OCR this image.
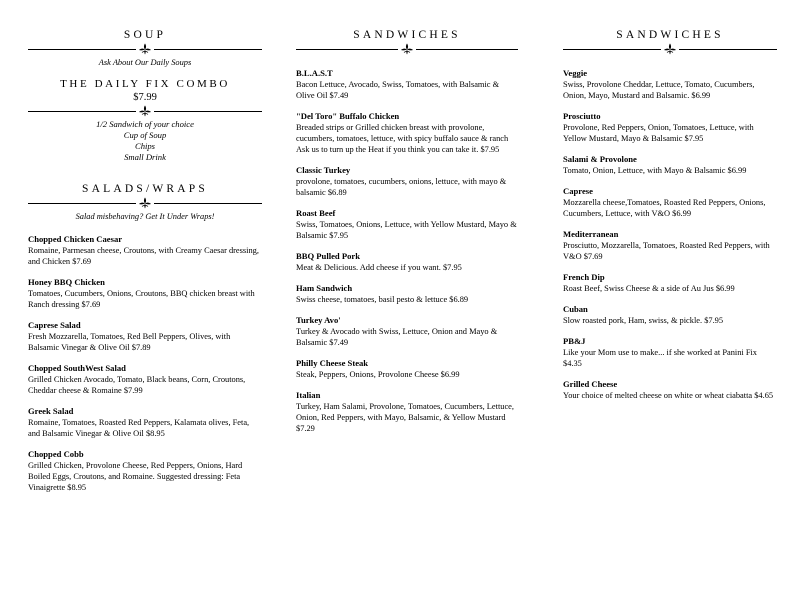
SOUP
Ask About Our Daily Soups
THE DAILY FIX COMBO
$7.99
1/2 Sandwich of your choice
Cup of Soup
Chips
Small Drink
SALADS/WRAPS
Salad misbehaving? Get It Under Wraps!
Chopped Chicken Caesar
Romaine, Parmesan cheese, Croutons, with Creamy Caesar dressing, and Chicken $7.69
Honey BBQ Chicken
Tomatoes, Cucumbers, Onions, Croutons, BBQ chicken breast with Ranch dressing $7.69
Caprese Salad
Fresh Mozzarella, Tomatoes, Red Bell Peppers, Olives, with Balsamic Vinegar & Olive Oil $7.89
Chopped SouthWest Salad
Grilled Chicken Avocado, Tomato, Black beans, Corn, Croutons, Cheddar cheese & Romaine $7.99
Greek Salad
Romaine, Tomatoes, Roasted Red Peppers, Kalamata olives, Feta, and Balsamic Vinegar & Olive Oil $8.95
Chopped Cobb
Grilled Chicken, Provolone Cheese, Red Peppers, Onions, Hard Boiled Eggs, Croutons, and Romaine. Suggested dressing: Feta Vinaigrette $8.95
SANDWICHES
B.L.A.S.T
Bacon Lettuce, Avocado, Swiss, Tomatoes, with Balsamic & Olive Oil $7.49
"Del Toro" Buffalo Chicken
Breaded strips or Grilled chicken breast with provolone, cucumbers, tomatoes, lettuce, with spicy buffalo sauce & ranch
Ask us to turn up the Heat if you think you can take it. $7.95
Classic Turkey
provolone, tomatoes, cucumbers, onions, lettuce, with mayo & balsamic $6.89
Roast Beef
Swiss, Tomatoes, Onions, Lettuce, with Yellow Mustard, Mayo & Balsamic $7.95
BBQ Pulled Pork
Meat & Delicious. Add cheese if you want. $7.95
Ham Sandwich
Swiss cheese, tomatoes, basil pesto & lettuce $6.89
Turkey Avo'
Turkey & Avocado with Swiss, Lettuce, Onion and Mayo & Balsamic $7.49
Philly Cheese Steak
Steak, Peppers, Onions, Provolone Cheese $6.99
Italian
Turkey, Ham Salami, Provolone, Tomatoes, Cucumbers, Lettuce, Onion, Red Peppers, with Mayo, Balsamic, & Yellow Mustard $7.29
SANDWICHES
Veggie
Swiss, Provolone Cheddar, Lettuce, Tomato, Cucumbers, Onion, Mayo, Mustard and Balsamic. $6.99
Prosciutto
Provolone, Red Peppers, Onion, Tomatoes, Lettuce, with Yellow Mustard, Mayo & Balsamic $7.95
Salami & Provolone
Tomato, Onion, Lettuce, with Mayo & Balsamic $6.99
Caprese
Mozzarella cheese,Tomatoes, Roasted Red Peppers, Onions, Cucumbers, Lettuce, with V&O $6.99
Mediterranean
Prosciutto, Mozzarella, Tomatoes, Roasted Red Peppers, with V&O $7.69
French Dip
Roast Beef, Swiss Cheese & a side of Au Jus $6.99
Cuban
Slow roasted pork, Ham, swiss, & pickle. $7.95
PB&J
Like your Mom use to make... if she worked at Panini Fix $4.35
Grilled Cheese
Your choice of melted cheese on white or wheat ciabatta $4.65
